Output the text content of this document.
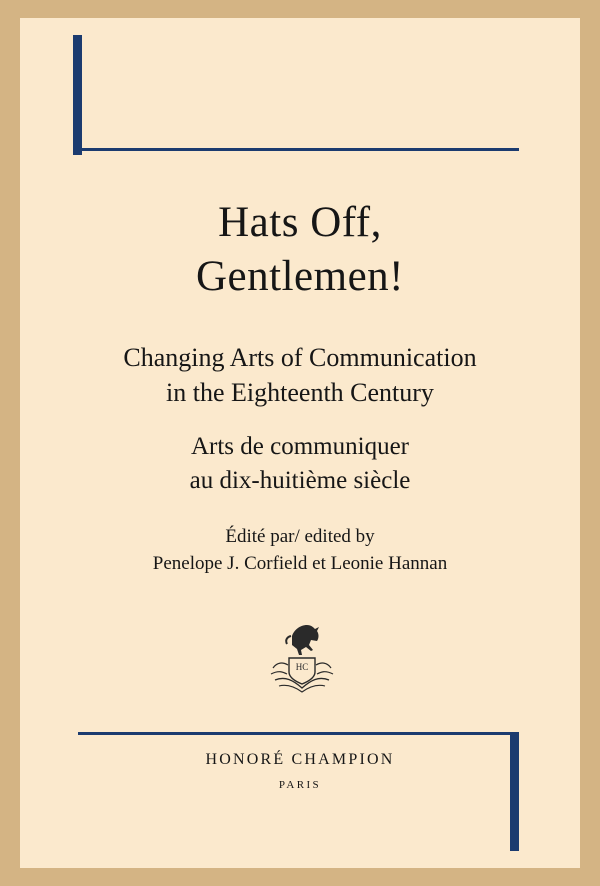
Hats Off,
Gentlemen!
Changing Arts of Communication
in the Eighteenth Century
Arts de communiquer
au dix-huitième siècle
Édité par/ edited by
Penelope J. Corfield et Leonie Hannan
HC
HONORÉ CHAMPION
PARIS
